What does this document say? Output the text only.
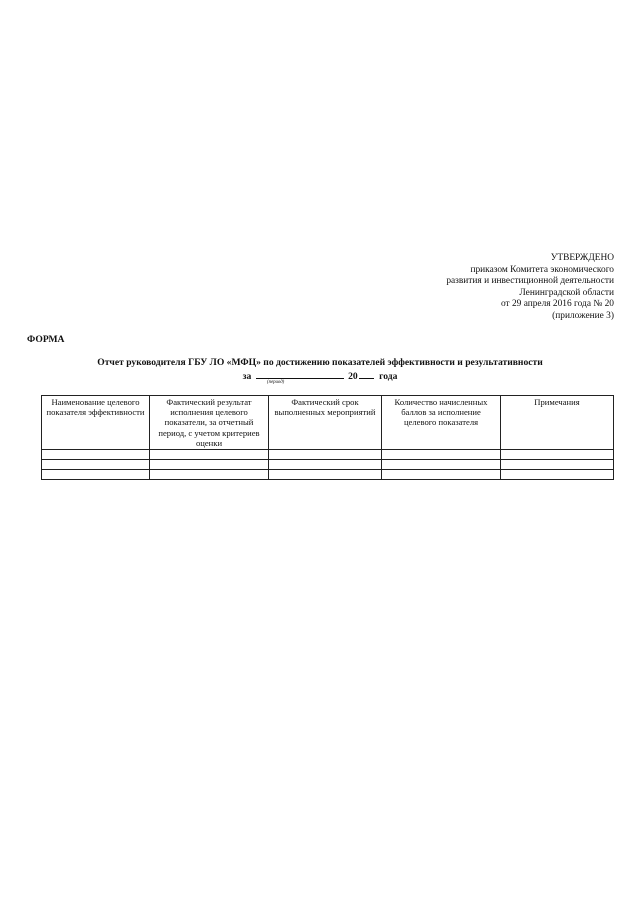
УТВЕРЖДЕНО
приказом Комитета экономического
развития и инвестиционной деятельности
Ленинградской области
от 29 апреля 2016 года № 20
(приложение 3)
ФОРМА
Отчет руководителя ГБУ ЛО «МФЦ» по достижению показателей эффективности и результативности
за	20 года
(период)
Наименование целевого показателя эффективности	Фактический результат исполнения целевого показатели, за отчетный период, с учетом критериев оценки	Фактический срок выполненных мероприятий	Количество начисленных баллов за исполнение целевого показателя	Примечания
